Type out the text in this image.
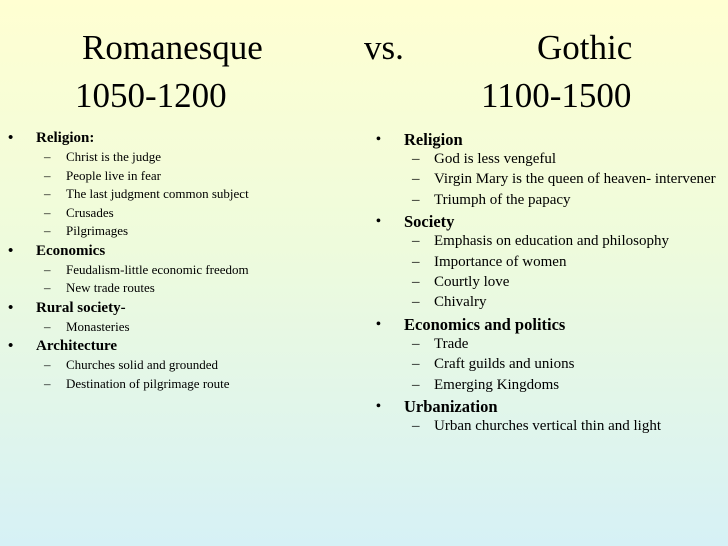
Romanesque	vs.	Gothic
1050-1200	1100-1500
• Religion:
– Christ is the judge
– People live in fear
– The last judgment common subject
– Crusades
– Pilgrimages
• Economics
– Feudalism-little economic freedom
– New trade routes
• Rural society-
– Monasteries
• Architecture
– Churches solid and grounded
– Destination of pilgrimage route
• Religion
– God is less vengeful
– Virgin Mary is the queen of heaven- intervener
– Triumph of the papacy
• Society
– Emphasis on education and philosophy
– Importance of women
– Courtly love
– Chivalry
• Economics and politics
– Trade
– Craft guilds and unions
– Emerging Kingdoms
• Urbanization
– Urban churches vertical thin and light
